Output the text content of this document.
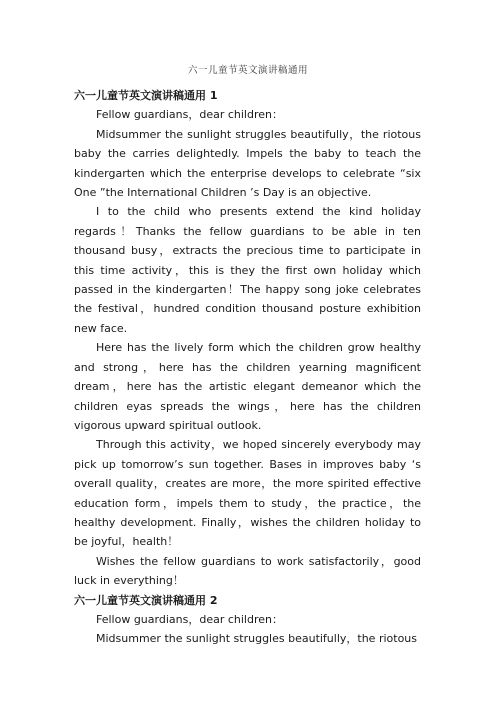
六一儿童节英文演讲稿通用
六一儿童节英文演讲稿通用 1

Fellow guardians，dear children：

Midsummer the sunlight struggles beautifully，the riotous baby the carries delightedly. Impels the baby to teach the kindergarten which the enterprise develops to celebrate “six One ”the International Children ’s Day is an objective.

I to the child who presents extend the kind holiday regards！Thanks the fellow guardians to be able in ten thousand busy，extracts the precious time to participate in this time activity，this is they the first own holiday which passed in the kindergarten！The happy song joke celebrates the festival，hundred condition thousand posture exhibition new face.

Here has the lively form which the children grow healthy and strong，here has the children yearning magnificent dream，here has the artistic elegant demeanor which the children eyas spreads the wings，here has the children vigorous upward spiritual outlook.

Through this activity，we hoped sincerely everybody may pick up tomorrow’s sun together. Bases in improves baby ‘s overall quality，creates are more，the more spirited effective education form，impels them to study，the practice，the healthy development. Finally，wishes the children holiday to be joyful，health！

Wishes the fellow guardians to work satisfactorily，good luck in everything！

六一儿童节英文演讲稿通用 2

Fellow guardians，dear children：

Midsummer the sunlight struggles beautifully，the riotous
